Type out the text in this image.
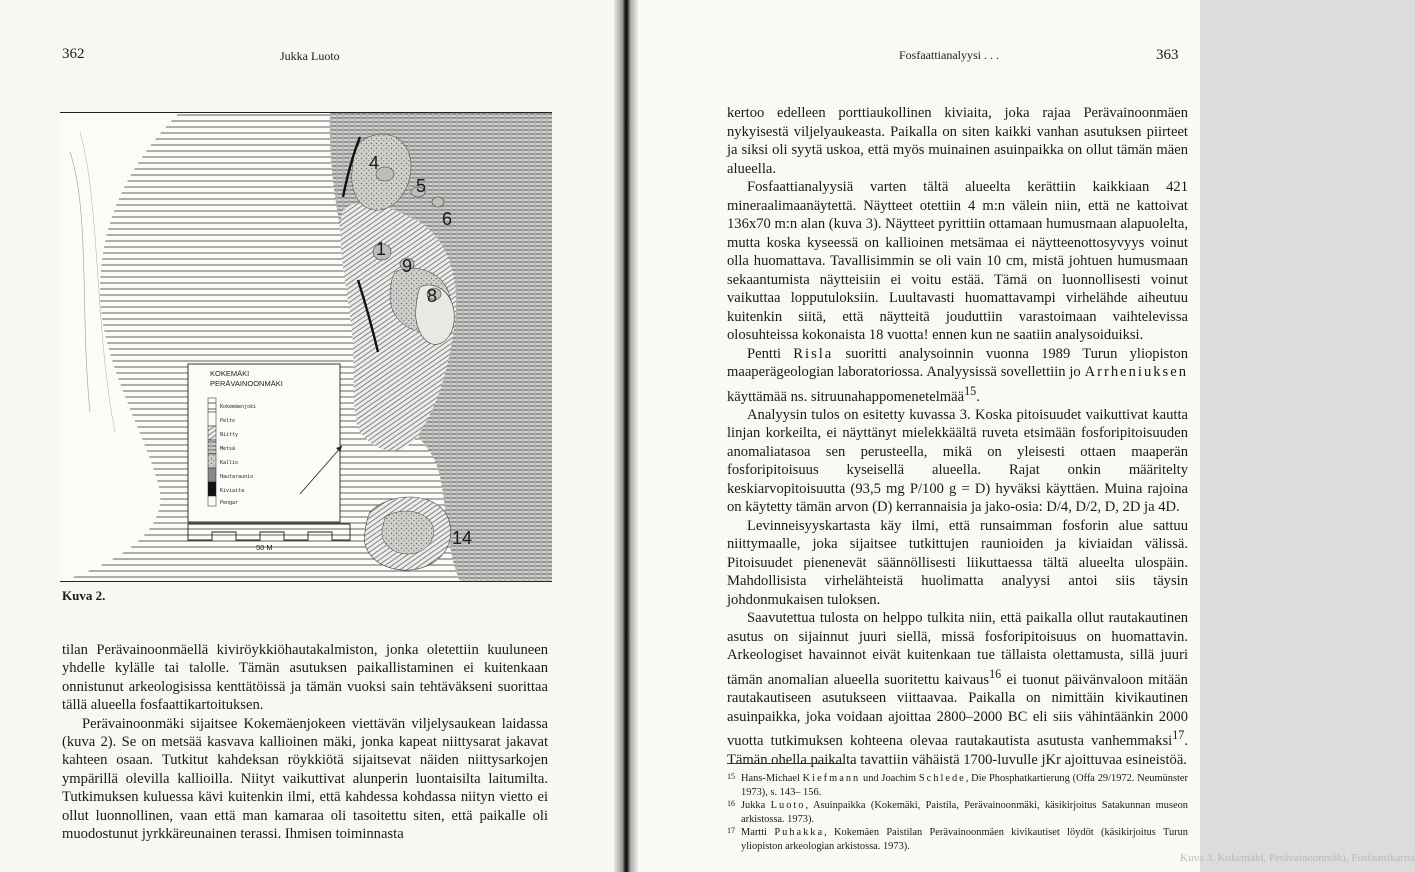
362	Jukka Luoto
4
5
6
1
9
8
14
KOKEMÄKI
PERÄVAINOONMÄKI
Kokemäenjoki
Pelto
Niitty
Metsä
Kallio
Hautaraunio
Kiviaita
Pengar
50 M
Kuva 2.

tilan Perävainoonmäellä kiviröykkiöhautakalmiston, jonka oletettiin kuuluneen yhdelle kylälle tai talolle. Tämän asutuksen paikallistaminen ei kuitenkaan onnistunut arkeologisissa kenttätöissä ja tämän vuoksi sain tehtäväkseni suorittaa tällä alueella fosfaattikartoituksen.

Perävainoonmäki sijaitsee Kokemäenjokeen viettävän viljelysaukean laidassa (kuva 2). Se on metsää kasvava kallioinen mäki, jonka kapeat niittysarat jakavat kahteen osaan. Tutkitut kahdeksan röykkiötä sijaitsevat näiden niittysarkojen ympärillä olevilla kallioilla. Niityt vaikuttivat alunperin luontaisilta laitumilta. Tutkimuksen kuluessa kävi kuitenkin ilmi, että kahdessa kohdassa niityn vietto ei ollut luonnollinen, vaan että man kamaraa oli tasoitettu siten, että paikalle oli muodostunut jyrkkäreunainen terassi. Ihmisen toiminnasta

Fosfaattianalyysi . . .	363

kertoo edelleen porttiaukollinen kiviaita, joka rajaa Perävainoonmäen nykyisestä viljelyaukeasta. Paikalla on siten kaikki vanhan asutuksen piirteet ja siksi oli syytä uskoa, että myös muinainen asuinpaikka on ollut tämän mäen alueella.

Fosfaattianalyysiä varten tältä alueelta kerättiin kaikkiaan 421 mineraalimaanäytettä. Näytteet otettiin 4 m:n välein niin, että ne kattoivat 136x70 m:n alan (kuva 3). Näytteet pyrittiin ottamaan humusmaan alapuolelta, mutta koska kyseessä on kallioinen metsämaa ei näytteenottosyvyys voinut olla huomattava. Tavallisimmin se oli vain 10 cm, mistä johtuen humusmaan sekaantumista näytteisiin ei voitu estää. Tämä on luonnollisesti voinut vaikuttaa lopputuloksiin. Luultavasti huomattavampi virhelähde aiheutuu kuitenkin siitä, että näytteitä jouduttiin varastoimaan vaihtelevissa olosuhteissa kokonaista 18 vuotta! ennen kun ne saatiin analysoiduiksi.

Pentti Risla suoritti analysoinnin vuonna 1989 Turun yliopiston maaperägeologian laboratoriossa. Analyysissä sovellettiin jo Arrheniuksen käyttämää ns. sitruunahappomenetelmää$^{15}$.

Analyysin tulos on esitetty kuvassa 3. Koska pitoisuudet vaikuttivat kautta linjan korkeilta, ei näyttänyt mielekkäältä ruveta etsimään fosforipitoisuuden anomaliatasoa sen perusteella, mikä on yleisesti ottaen maaperän fosforipitoisuus kyseisellä alueella. Rajat onkin määritelty keskiarvopitoisuutta (93,5 mg P/100 g = D) hyväksi käyttäen. Muina rajoina on käytetty tämän arvon (D) kerrannaisia ja jako-osia: D/4, D/2, D, 2D ja 4D.

Levinneisyyskartasta käy ilmi, että runsaimman fosforin alue sattuu niittymaalle, joka sijaitsee tutkittujen raunioiden ja kiviaidan välissä. Pitoisuudet pienenevät säännöllisesti liikuttaessa tältä alueelta ulospäin. Mahdollisista virhelähteistä huolimatta analyysi antoi siis täysin johdonmukaisen tuloksen.

Saavutettua tulosta on helppo tulkita niin, että paikalla ollut rautakautinen asutus on sijainnut juuri siellä, missä fosforipitoisuus on huomattavin. Arkeologiset havainnot eivät kuitenkaan tue tällaista olettamusta, sillä juuri tämän anomalian alueella suoritettu kaivaus$^{16}$ ei tuonut päivänvaloon mitään rautakautiseen asutukseen viittaavaa. Paikalla on nimittäin kivikautinen asuinpaikka, joka voidaan ajoittaa 2800–2000 BC eli siis vähintäänkin 2000 vuotta tutkimuksen kohteena olevaa rautakautista asutusta vanhemmaksi$^{17}$. Tämän ohella paikalta tavattiin vähäistä 1700-luvulle jKr ajoittuvaa esineistöä.

15 Hans-Michael Kiefmann und Joachim Schlede, Die Phosphatkartierung (Offa 29/1972. Neumünster 1973), s. 143– 156.
16 Jukka Luoto, Asuinpaikka (Kokemäki, Paistila, Perävainoonmäki, käsikirjoitus Satakunnan museon arkistossa. 1973).
17 Martti Puhakka, Kokemäen Paistilan Perävainoonmäen kivikautiset löydöt (käsikirjoitus Turun yliopiston arkeologian arkistossa. 1973).
Kuva 3. Kokemäki, Perävainoonmäki, Fosfaattikartta
